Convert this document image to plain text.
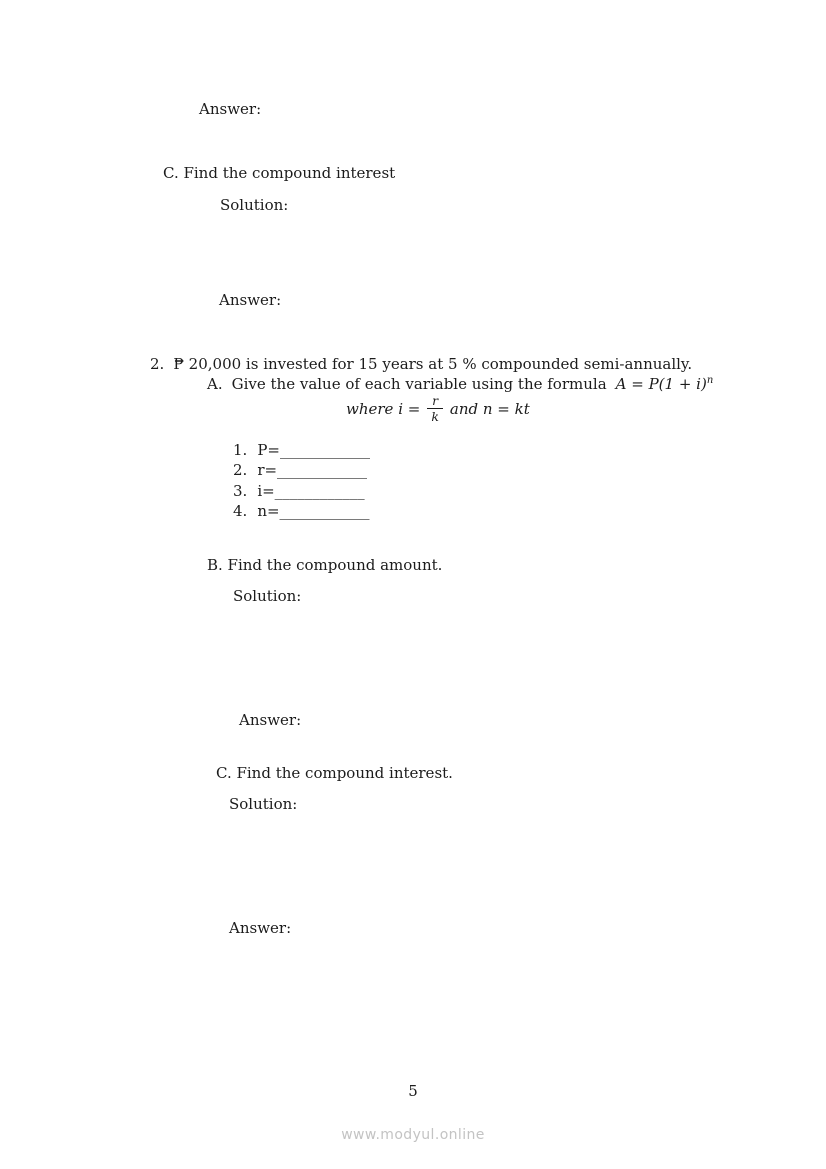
Answer:
C. Find the compound interest
Solution:
Answer:
2. ₱ 20,000 is invested for 15 years at 5 % compounded semi-annually.
A. Give the value of each variable using the formula $A = P(1 + i)^n$
where $i = \frac{r}{k}$ and n = kt
1. P=____________
2. r=____________
3. i=____________
4. n=____________
B. Find the compound amount.
Solution:
Answer:
C. Find the compound interest.
Solution:
Answer:
5
www.modyul.online
